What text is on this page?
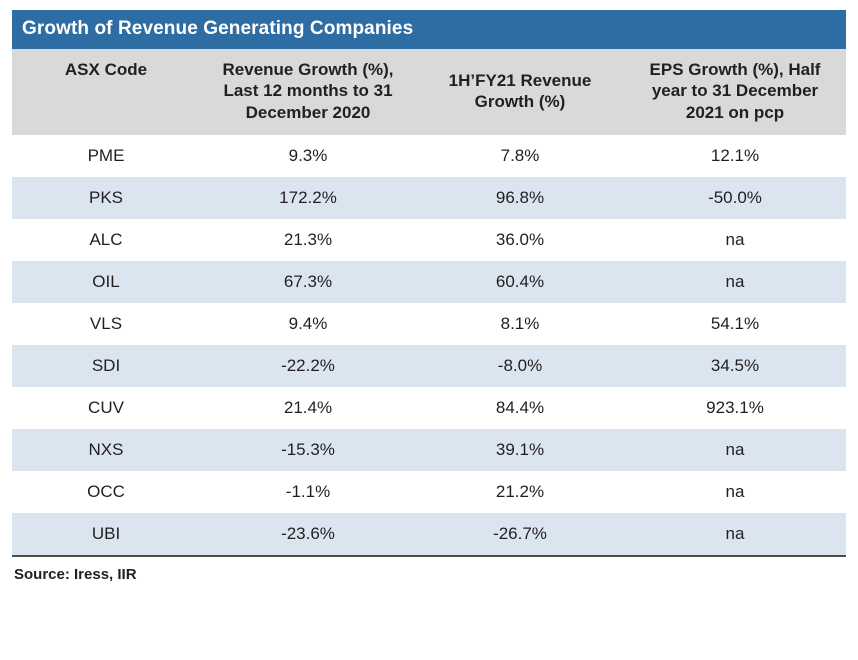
Growth of Revenue Generating Companies			
ASX Code	Revenue Growth (%), Last 12 months to 31 December 2020	1H’FY21 Revenue Growth (%)	EPS Growth (%), Half year to 31 December 2021 on pcp
PME	9.3%	7.8%	12.1%
PKS	172.2%	96.8%	-50.0%
ALC	21.3%	36.0%	na
OIL	67.3%	60.4%	na
VLS	9.4%	8.1%	54.1%
SDI	-22.2%	-8.0%	34.5%
CUV	21.4%	84.4%	923.1%
NXS	-15.3%	39.1%	na
OCC	-1.1%	21.2%	na
UBI	-23.6%	-26.7%	na
Source: Iress, IIR
